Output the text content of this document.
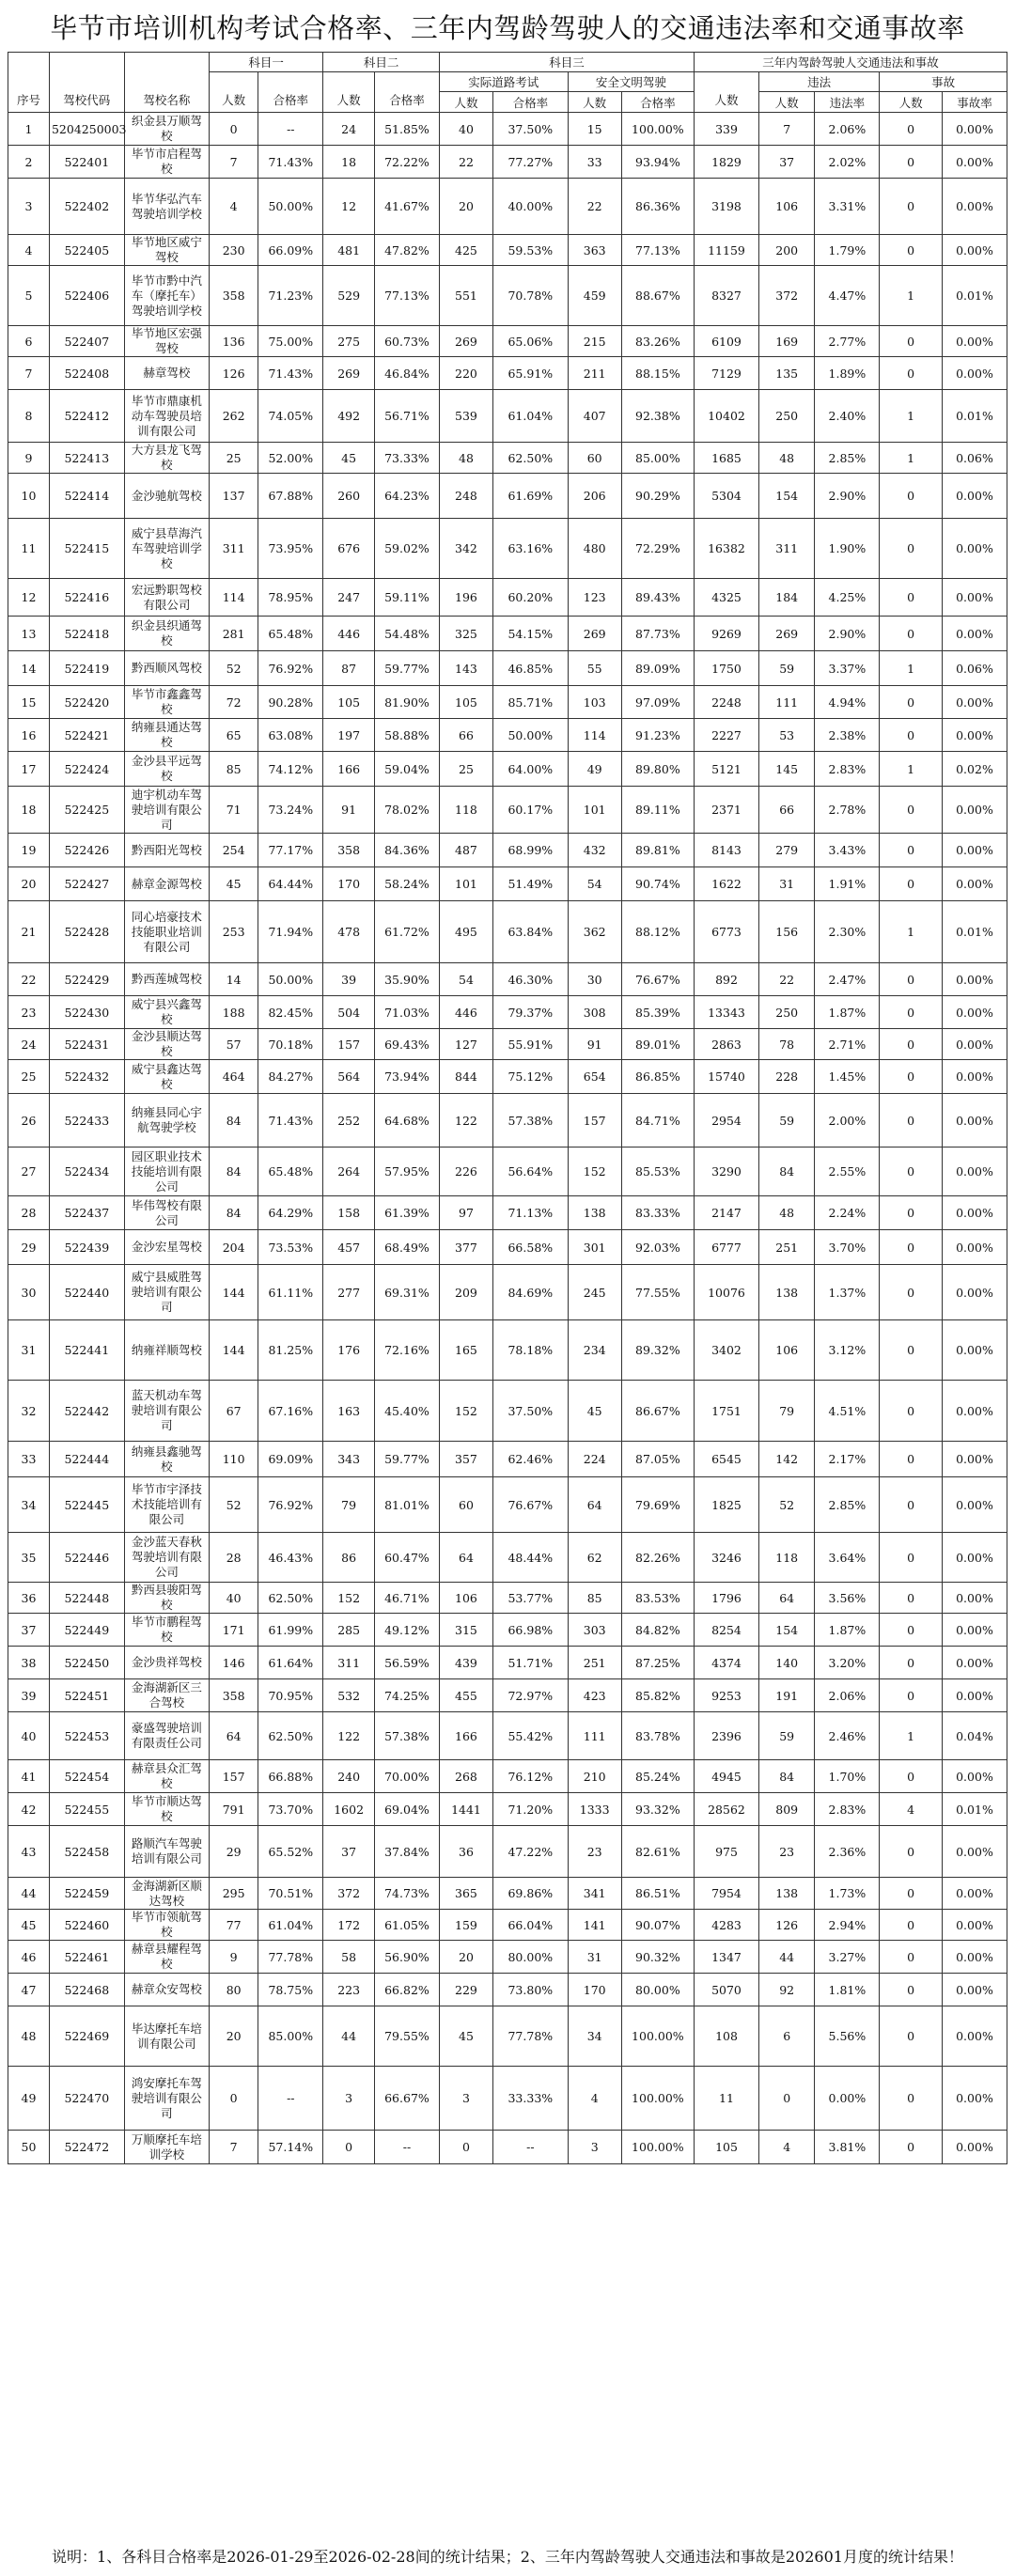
毕节市培训机构考试合格率、三年内驾龄驾驶人的交通违法率和交通事故率
序号	驾校代码	驾校名称	科目一		科目二		科目三				三年内驾龄驾驶人交通违法和事故				
			人数	合格率	人数	合格率	实际道路考试		安全文明驾驶		人数	违法		事故	
							人数	合格率	人数	合格率		人数	违法率	人数	事故率
1	5204250003	织金县万顺驾校	0	--	24	51.85%	40	37.50%	15	100.00%	339	7	2.06%	0	0.00%
2	522401	毕节市启程驾校	7	71.43%	18	72.22%	22	77.27%	33	93.94%	1829	37	2.02%	0	0.00%
3	522402	毕节华弘汽车驾驶培训学校	4	50.00%	12	41.67%	20	40.00%	22	86.36%	3198	106	3.31%	0	0.00%
4	522405	毕节地区威宁驾校	230	66.09%	481	47.82%	425	59.53%	363	77.13%	11159	200	1.79%	0	0.00%
5	522406	毕节市黔中汽车（摩托车）驾驶培训学校	358	71.23%	529	77.13%	551	70.78%	459	88.67%	8327	372	4.47%	1	0.01%
6	522407	毕节地区宏强驾校	136	75.00%	275	60.73%	269	65.06%	215	83.26%	6109	169	2.77%	0	0.00%
7	522408	赫章驾校	126	71.43%	269	46.84%	220	65.91%	211	88.15%	7129	135	1.89%	0	0.00%
8	522412	毕节市鼎康机动车驾驶员培训有限公司	262	74.05%	492	56.71%	539	61.04%	407	92.38%	10402	250	2.40%	1	0.01%
9	522413	大方县龙飞驾校	25	52.00%	45	73.33%	48	62.50%	60	85.00%	1685	48	2.85%	1	0.06%
10	522414	金沙驰航驾校	137	67.88%	260	64.23%	248	61.69%	206	90.29%	5304	154	2.90%	0	0.00%
11	522415	威宁县草海汽车驾驶培训学校	311	73.95%	676	59.02%	342	63.16%	480	72.29%	16382	311	1.90%	0	0.00%
12	522416	宏远黔职驾校有限公司	114	78.95%	247	59.11%	196	60.20%	123	89.43%	4325	184	4.25%	0	0.00%
13	522418	织金县织通驾校	281	65.48%	446	54.48%	325	54.15%	269	87.73%	9269	269	2.90%	0	0.00%
14	522419	黔西顺风驾校	52	76.92%	87	59.77%	143	46.85%	55	89.09%	1750	59	3.37%	1	0.06%
15	522420	毕节市鑫鑫驾校	72	90.28%	105	81.90%	105	85.71%	103	97.09%	2248	111	4.94%	0	0.00%
16	522421	纳雍县通达驾校	65	63.08%	197	58.88%	66	50.00%	114	91.23%	2227	53	2.38%	0	0.00%
17	522424	金沙县平远驾校	85	74.12%	166	59.04%	25	64.00%	49	89.80%	5121	145	2.83%	1	0.02%
18	522425	迪宇机动车驾驶培训有限公司	71	73.24%	91	78.02%	118	60.17%	101	89.11%	2371	66	2.78%	0	0.00%
19	522426	黔西阳光驾校	254	77.17%	358	84.36%	487	68.99%	432	89.81%	8143	279	3.43%	0	0.00%
20	522427	赫章金源驾校	45	64.44%	170	58.24%	101	51.49%	54	90.74%	1622	31	1.91%	0	0.00%
21	522428	同心培豪技术技能职业培训有限公司	253	71.94%	478	61.72%	495	63.84%	362	88.12%	6773	156	2.30%	1	0.01%
22	522429	黔西莲城驾校	14	50.00%	39	35.90%	54	46.30%	30	76.67%	892	22	2.47%	0	0.00%
23	522430	威宁县兴鑫驾校	188	82.45%	504	71.03%	446	79.37%	308	85.39%	13343	250	1.87%	0	0.00%
24	522431	金沙县顺达驾校	57	70.18%	157	69.43%	127	55.91%	91	89.01%	2863	78	2.71%	0	0.00%
25	522432	威宁县鑫达驾校	464	84.27%	564	73.94%	844	75.12%	654	86.85%	15740	228	1.45%	0	0.00%
26	522433	纳雍县同心宇航驾驶学校	84	71.43%	252	64.68%	122	57.38%	157	84.71%	2954	59	2.00%	0	0.00%
27	522434	园区职业技术技能培训有限公司	84	65.48%	264	57.95%	226	56.64%	152	85.53%	3290	84	2.55%	0	0.00%
28	522437	毕伟驾校有限公司	84	64.29%	158	61.39%	97	71.13%	138	83.33%	2147	48	2.24%	0	0.00%
29	522439	金沙宏星驾校	204	73.53%	457	68.49%	377	66.58%	301	92.03%	6777	251	3.70%	0	0.00%
30	522440	威宁县威胜驾驶培训有限公司	144	61.11%	277	69.31%	209	84.69%	245	77.55%	10076	138	1.37%	0	0.00%
31	522441	纳雍祥顺驾校	144	81.25%	176	72.16%	165	78.18%	234	89.32%	3402	106	3.12%	0	0.00%
32	522442	蓝天机动车驾驶培训有限公司	67	67.16%	163	45.40%	152	37.50%	45	86.67%	1751	79	4.51%	0	0.00%
33	522444	纳雍县鑫驰驾校	110	69.09%	343	59.77%	357	62.46%	224	87.05%	6545	142	2.17%	0	0.00%
34	522445	毕节市宇泽技术技能培训有限公司	52	76.92%	79	81.01%	60	76.67%	64	79.69%	1825	52	2.85%	0	0.00%
35	522446	金沙蓝天春秋驾驶培训有限公司	28	46.43%	86	60.47%	64	48.44%	62	82.26%	3246	118	3.64%	0	0.00%
36	522448	黔西县骏阳驾校	40	62.50%	152	46.71%	106	53.77%	85	83.53%	1796	64	3.56%	0	0.00%
37	522449	毕节市鹏程驾校	171	61.99%	285	49.12%	315	66.98%	303	84.82%	8254	154	1.87%	0	0.00%
38	522450	金沙贵祥驾校	146	61.64%	311	56.59%	439	51.71%	251	87.25%	4374	140	3.20%	0	0.00%
39	522451	金海湖新区三合驾校	358	70.95%	532	74.25%	455	72.97%	423	85.82%	9253	191	2.06%	0	0.00%
40	522453	豪盛驾驶培训有限责任公司	64	62.50%	122	57.38%	166	55.42%	111	83.78%	2396	59	2.46%	1	0.04%
41	522454	赫章县众汇驾校	157	66.88%	240	70.00%	268	76.12%	210	85.24%	4945	84	1.70%	0	0.00%
42	522455	毕节市顺达驾校	791	73.70%	1602	69.04%	1441	71.20%	1333	93.32%	28562	809	2.83%	4	0.01%
43	522458	路顺汽车驾驶培训有限公司	29	65.52%	37	37.84%	36	47.22%	23	82.61%	975	23	2.36%	0	0.00%
44	522459	金海湖新区顺达驾校	295	70.51%	372	74.73%	365	69.86%	341	86.51%	7954	138	1.73%	0	0.00%
45	522460	毕节市领航驾校	77	61.04%	172	61.05%	159	66.04%	141	90.07%	4283	126	2.94%	0	0.00%
46	522461	赫章县耀程驾校	9	77.78%	58	56.90%	20	80.00%	31	90.32%	1347	44	3.27%	0	0.00%
47	522468	赫章众安驾校	80	78.75%	223	66.82%	229	73.80%	170	80.00%	5070	92	1.81%	0	0.00%
48	522469	毕达摩托车培训有限公司	20	85.00%	44	79.55%	45	77.78%	34	100.00%	108	6	5.56%	0	0.00%
49	522470	鸿安摩托车驾驶培训有限公司	0	--	3	66.67%	3	33.33%	4	100.00%	11	0	0.00%	0	0.00%
50	522472	万顺摩托车培训学校	7	57.14%	0	--	0	--	3	100.00%	105	4	3.81%	0	0.00%
说明：1、各科目合格率是2026-01-29至2026-02-28间的统计结果；2、三年内驾龄驾驶人交通违法和事故是202601月度的统计结果！
